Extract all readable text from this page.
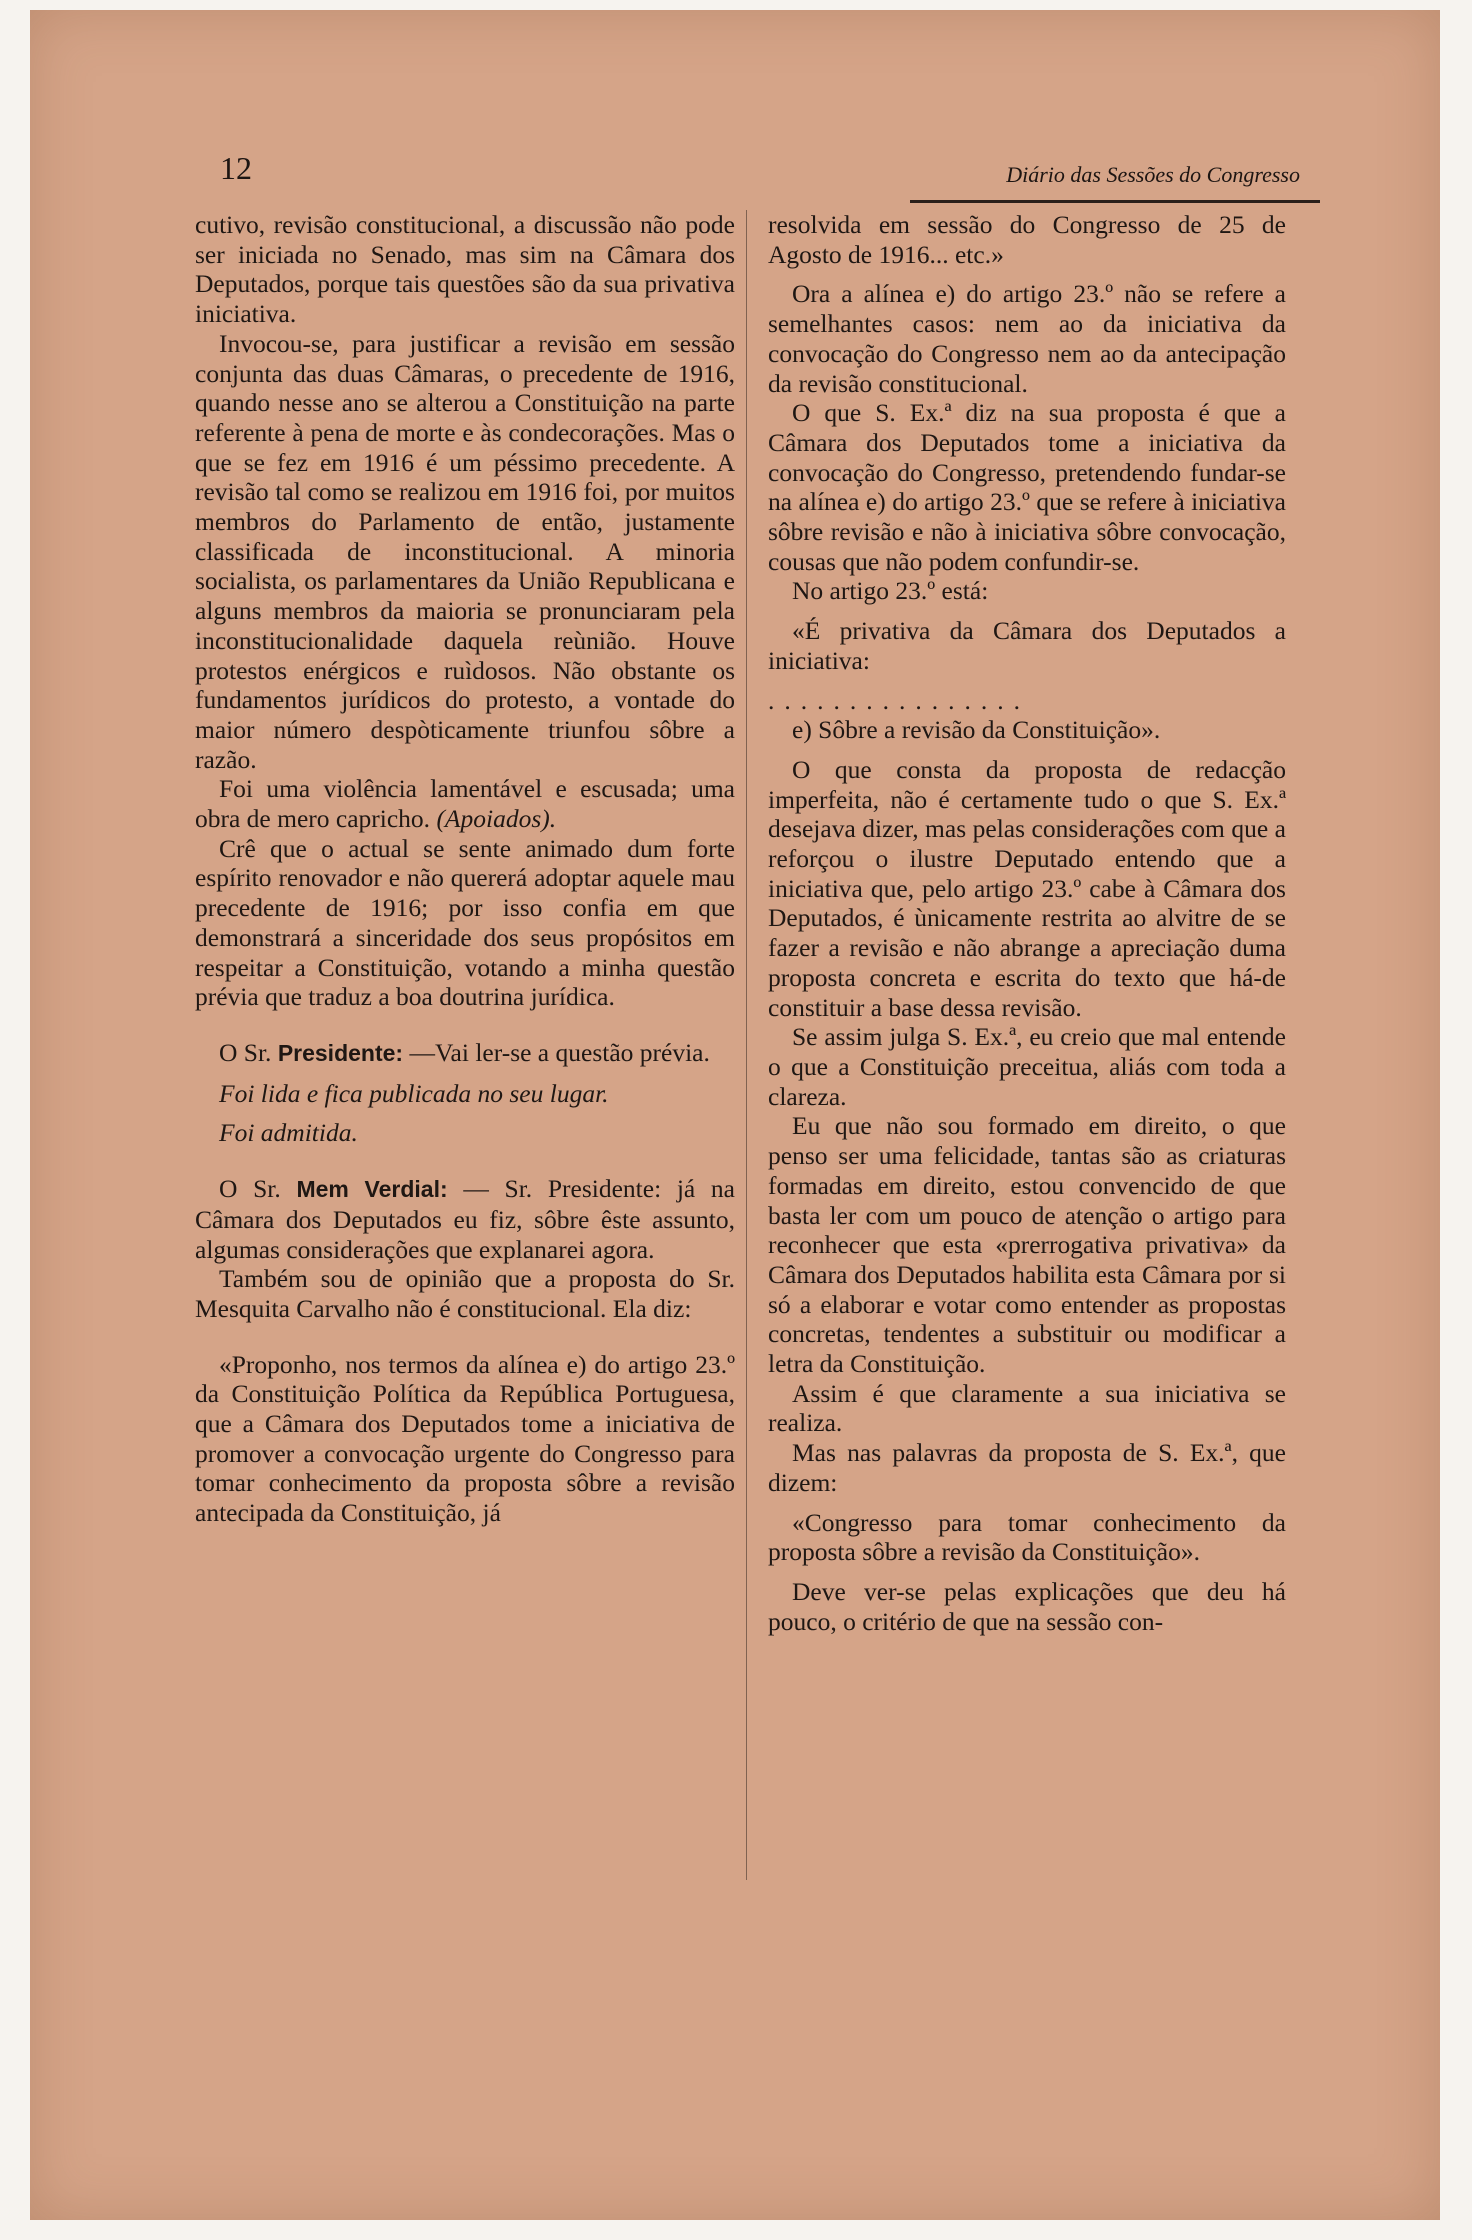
12	Diário das Sessões do Congresso

cutivo, revisão constitucional, a discussão não pode ser iniciada no Senado, mas sim na Câmara dos Deputados, porque tais questões são da sua privativa iniciativa.

Invocou-se, para justificar a revisão em sessão conjunta das duas Câmaras, o precedente de 1916, quando nesse ano se alterou a Constituição na parte referente à pena de morte e às condecorações. Mas o que se fez em 1916 é um péssimo precedente. A revisão tal como se realizou em 1916 foi, por muitos membros do Parlamento de então, justamente classificada de inconstitucional. A minoria socialista, os parlamentares da União Republicana e alguns membros da maioria se pronunciaram pela inconstitucionalidade daquela reùnião. Houve protestos enérgicos e ruìdosos. Não obstante os fundamentos jurídicos do protesto, a vontade do maior número despòticamente triunfou sôbre a razão.

Foi uma violência lamentável e escusada; uma obra de mero capricho. (Apoiados).

Crê que o actual se sente animado dum forte espírito renovador e não quererá adoptar aquele mau precedente de 1916; por isso confia em que demonstrará a sinceridade dos seus propósitos em respeitar a Constituição, votando a minha questão prévia que traduz a boa doutrina jurídica.

O Sr. Presidente: —Vai ler-se a questão prévia.

Foi lida e fica publicada no seu lugar.

Foi admitida.

O Sr. Mem Verdial: — Sr. Presidente: já na Câmara dos Deputados eu fiz, sôbre êste assunto, algumas considerações que explanarei agora.

Também sou de opinião que a proposta do Sr. Mesquita Carvalho não é constitucional. Ela diz:

«Proponho, nos termos da alínea e) do artigo 23.º da Constituição Política da República Portuguesa, que a Câmara dos Deputados tome a iniciativa de promover a convocação urgente do Congresso para tomar conhecimento da proposta sôbre a revisão antecipada da Constituição, já

resolvida em sessão do Congresso de 25 de Agosto de 1916... etc.»

Ora a alínea e) do artigo 23.º não se refere a semelhantes casos: nem ao da iniciativa da convocação do Congresso nem ao da antecipação da revisão constitucional.

O que S. Ex.ª diz na sua proposta é que a Câmara dos Deputados tome a iniciativa da convocação do Congresso, pretendendo fundar-se na alínea e) do artigo 23.º que se refere à iniciativa sôbre revisão e não à iniciativa sôbre convocação, cousas que não podem confundir-se.

No artigo 23.º está:

«É privativa da Câmara dos Deputados a iniciativa:

................

e) Sôbre a revisão da Constituição».

O que consta da proposta de redacção imperfeita, não é certamente tudo o que S. Ex.ª desejava dizer, mas pelas considerações com que a reforçou o ilustre Deputado entendo que a iniciativa que, pelo artigo 23.º cabe à Câmara dos Deputados, é ùnicamente restrita ao alvitre de se fazer a revisão e não abrange a apreciação duma proposta concreta e escrita do texto que há-de constituir a base dessa revisão.

Se assim julga S. Ex.ª, eu creio que mal entende o que a Constituição preceitua, aliás com toda a clareza.

Eu que não sou formado em direito, o que penso ser uma felicidade, tantas são as criaturas formadas em direito, estou convencido de que basta ler com um pouco de atenção o artigo para reconhecer que esta «prerrogativa privativa» da Câmara dos Deputados habilita esta Câmara por si só a elaborar e votar como entender as propostas concretas, tendentes a substituir ou modificar a letra da Constituição.

Assim é que claramente a sua iniciativa se realiza.

Mas nas palavras da proposta de S. Ex.ª, que dizem:

«Congresso para tomar conhecimento da proposta sôbre a revisão da Constituição».

Deve ver-se pelas explicações que deu há pouco, o critério de que na sessão con-
